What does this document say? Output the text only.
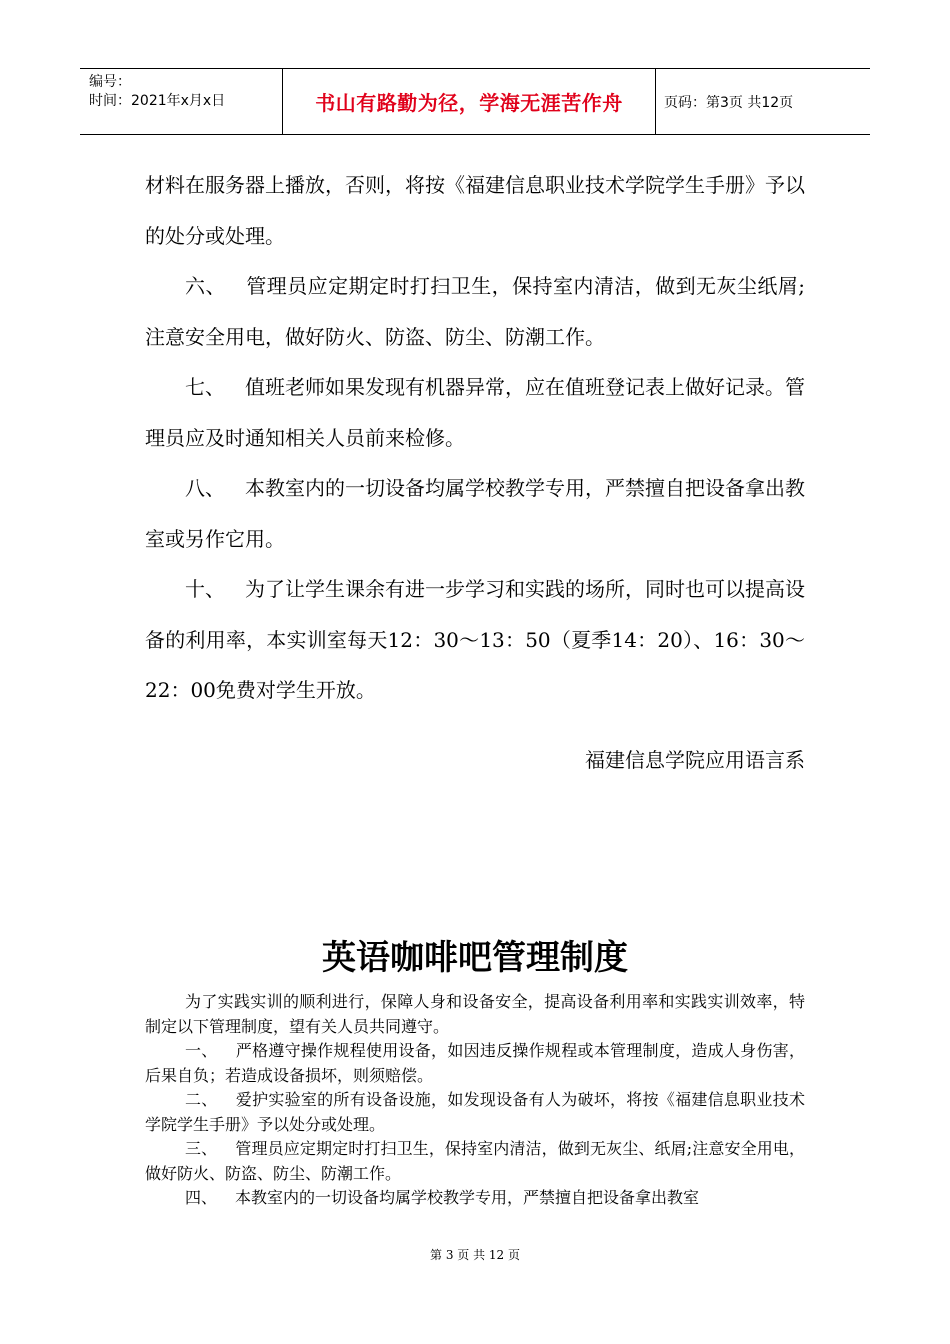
编号：
时间：2021年x月x日	书山有路勤为径，学海无涯苦作舟	页码：第3页 共12页

材料在服务器上播放，否则，将按《福建信息职业技术学院学生手册》予以的处分或处理。

六、 管理员应定期定时打扫卫生，保持室内清洁，做到无灰尘纸屑;注意安全用电，做好防火、防盗、防尘、防潮工作。

七、 值班老师如果发现有机器异常，应在值班登记表上做好记录。管理员应及时通知相关人员前来检修。

八、 本教室内的一切设备均属学校教学专用，严禁擅自把设备拿出教室或另作它用。

十、 为了让学生课余有进一步学习和实践的场所，同时也可以提高设备的利用率，本实训室每天12：30～13：50（夏季14：20）、16：30～22：00免费对学生开放。

福建信息学院应用语言系
英语咖啡吧管理制度

为了实践实训的顺利进行，保障人身和设备安全，提高设备利用率和实践实训效率，特制定以下管理制度，望有关人员共同遵守。

一、 严格遵守操作规程使用设备，如因违反操作规程或本管理制度，造成人身伤害，后果自负；若造成设备损坏，则须赔偿。

二、 爱护实验室的所有设备设施，如发现设备有人为破坏，将按《福建信息职业技术学院学生手册》予以处分或处理。

三、 管理员应定期定时打扫卫生，保持室内清洁，做到无灰尘、纸屑;注意安全用电，做好防火、防盗、防尘、防潮工作。

四、 本教室内的一切设备均属学校教学专用，严禁擅自把设备拿出教室

第 3 页 共 12 页
